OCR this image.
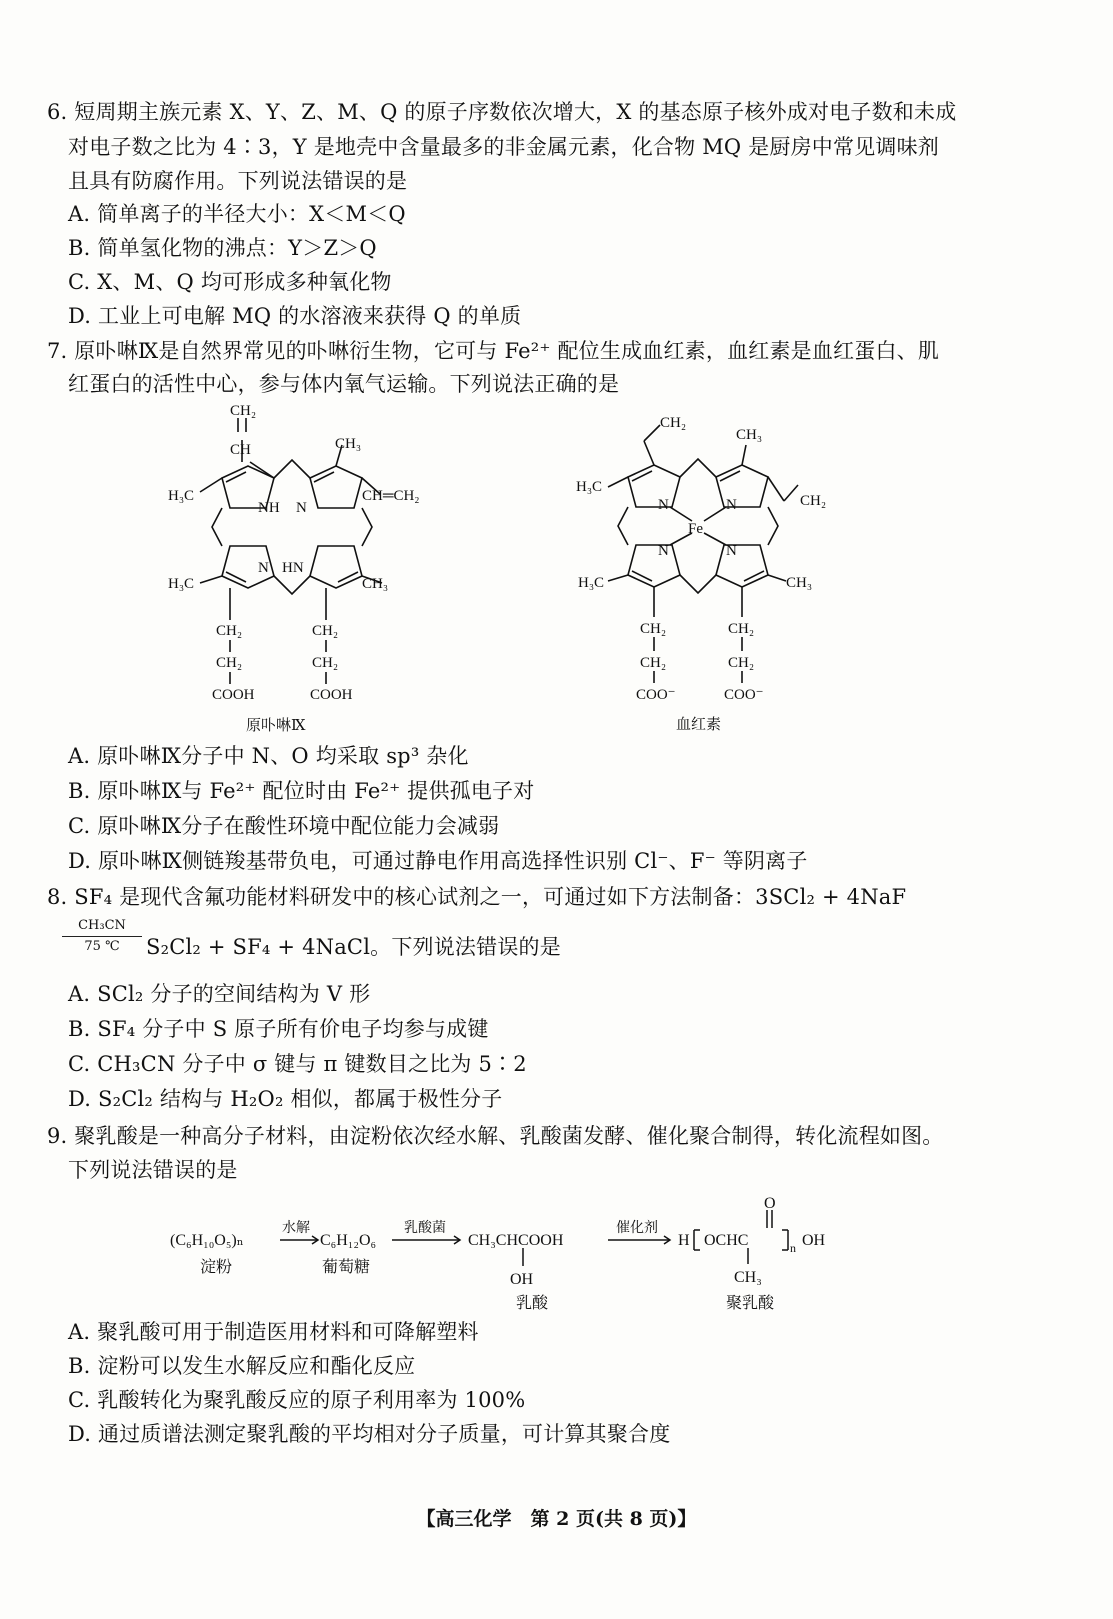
6. 短周期主族元素 X、Y、Z、M、Q 的原子序数依次增大，X 的基态原子核外成对电子数和未成
对电子数之比为 4∶3，Y 是地壳中含量最多的非金属元素，化合物 MQ 是厨房中常见调味剂
且具有防腐作用。下列说法错误的是
A. 简单离子的半径大小：X＜M＜Q
B. 简单氢化物的沸点：Y＞Z＞Q
C. X、M、Q 均可形成多种氧化物
D. 工业上可电解 MQ 的水溶液来获得 Q 的单质
7. 原卟啉Ⅸ是自然界常见的卟啉衍生物，它可与 Fe²⁺ 配位生成血红素，血红素是血红蛋白、肌
红蛋白的活性中心，参与体内氧气运输。下列说法正确的是
CH₂
CH	CH₃
H₃C	CH═CH₂
NH N
N HN
H₃C	CH₃
CH₂
CH₂
COOH
CH₂
CH₂
COOH
原卟啉Ⅸ
CH₂
CH₃
H₃C
CH₂
N	N
Fe
N	N
H₃C	CH₃
CH₂
CH₂
COO⁻
CH₂
CH₂
COO⁻
血红素
A. 原卟啉Ⅸ分子中 N、O 均采取 sp³ 杂化
B. 原卟啉Ⅸ与 Fe²⁺ 配位时由 Fe²⁺ 提供孤电子对
C. 原卟啉Ⅸ分子在酸性环境中配位能力会减弱
D. 原卟啉Ⅸ侧链羧基带负电，可通过静电作用高选择性识别 Cl⁻、F⁻ 等阴离子
8. SF₄ 是现代含氟功能材料研发中的核心试剂之一，可通过如下方法制备：3SCl₂ + 4NaF
CH₃CN
75 ℃	S₂Cl₂ + SF₄ + 4NaCl。下列说法错误的是
A. SCl₂ 分子的空间结构为 V 形
B. SF₄ 分子中 S 原子所有价电子均参与成键
C. CH₃CN 分子中 σ 键与 π 键数目之比为 5∶2
D. S₂Cl₂ 结构与 H₂O₂ 相似，都属于极性分子
9. 聚乳酸是一种高分子材料，由淀粉依次经水解、乳酸菌发酵、催化聚合制得，转化流程如图。
下列说法错误的是
(C₆H₁₀O₅)ₙ
淀粉
水解
C₆H₁₂O₆
葡萄糖
乳酸菌
CH₃CHCOOH
OH
乳酸
催化剂
O
H OCHC	n OH
CH₃
聚乳酸
A. 聚乳酸可用于制造医用材料和可降解塑料
B. 淀粉可以发生水解反应和酯化反应
C. 乳酸转化为聚乳酸反应的原子利用率为 100%
D. 通过质谱法测定聚乳酸的平均相对分子质量，可计算其聚合度
【高三化学　第 2 页(共 8 页)】
